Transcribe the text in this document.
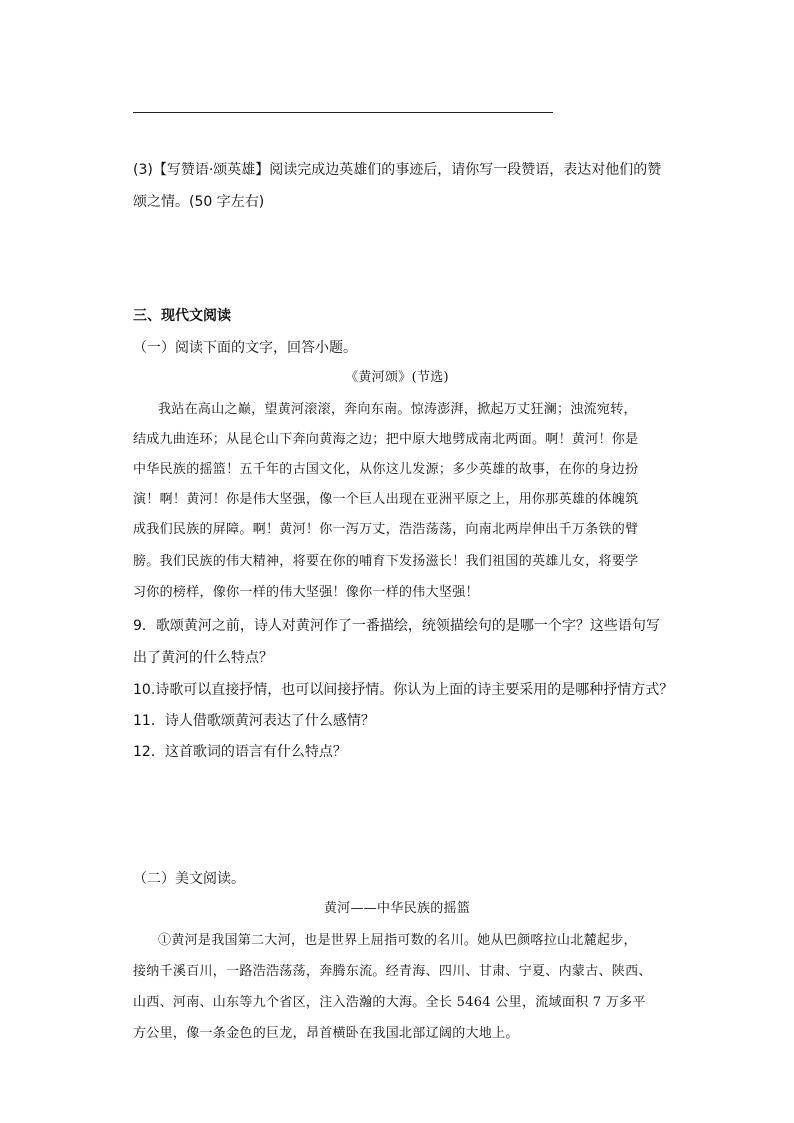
(3)【写赞语·颂英雄】阅读完成边英雄们的事迹后，请你写一段赞语，表达对他们的赞
颂之情。(50 字左右)
三、现代文阅读
（一）阅读下面的文字，回答小题。
《黄河颂》(节选)
我站在高山之巅，望黄河滚滚，奔向东南。惊涛澎湃，掀起万丈狂澜；浊流宛转，
结成九曲连环；从昆仑山下奔向黄海之边；把中原大地劈成南北两面。啊！黄河！你是
中华民族的摇篮！五千年的古国文化，从你这儿发源；多少英雄的故事，在你的身边扮
演！啊！黄河！你是伟大坚强，像一个巨人出现在亚洲平原之上，用你那英雄的体魄筑
成我们民族的屏障。啊！黄河！你一泻万丈，浩浩荡荡，向南北两岸伸出千万条铁的臂
膀。我们民族的伟大精神，将要在你的哺育下发扬滋长！我们祖国的英雄儿女，将要学
习你的榜样，像你一样的伟大坚强！像你一样的伟大坚强！
9．歌颂黄河之前，诗人对黄河作了一番描绘，统领描绘句的是哪一个字？这些语句写
出了黄河的什么特点？
10.诗歌可以直接抒情，也可以间接抒情。你认为上面的诗主要采用的是哪种抒情方式？
11．诗人借歌颂黄河表达了什么感情？
12．这首歌词的语言有什么特点？
（二）美文阅读。
黄河——中华民族的摇篮
①黄河是我国第二大河，也是世界上屈指可数的名川。她从巴颜喀拉山北麓起步，
接纳千溪百川，一路浩浩荡荡，奔腾东流。经青海、四川、甘肃、宁夏、内蒙古、陕西、
山西、河南、山东等九个省区，注入浩瀚的大海。全长 5464 公里，流域面积 7 万多平
方公里，像一条金色的巨龙，昂首横卧在我国北部辽阔的大地上。
